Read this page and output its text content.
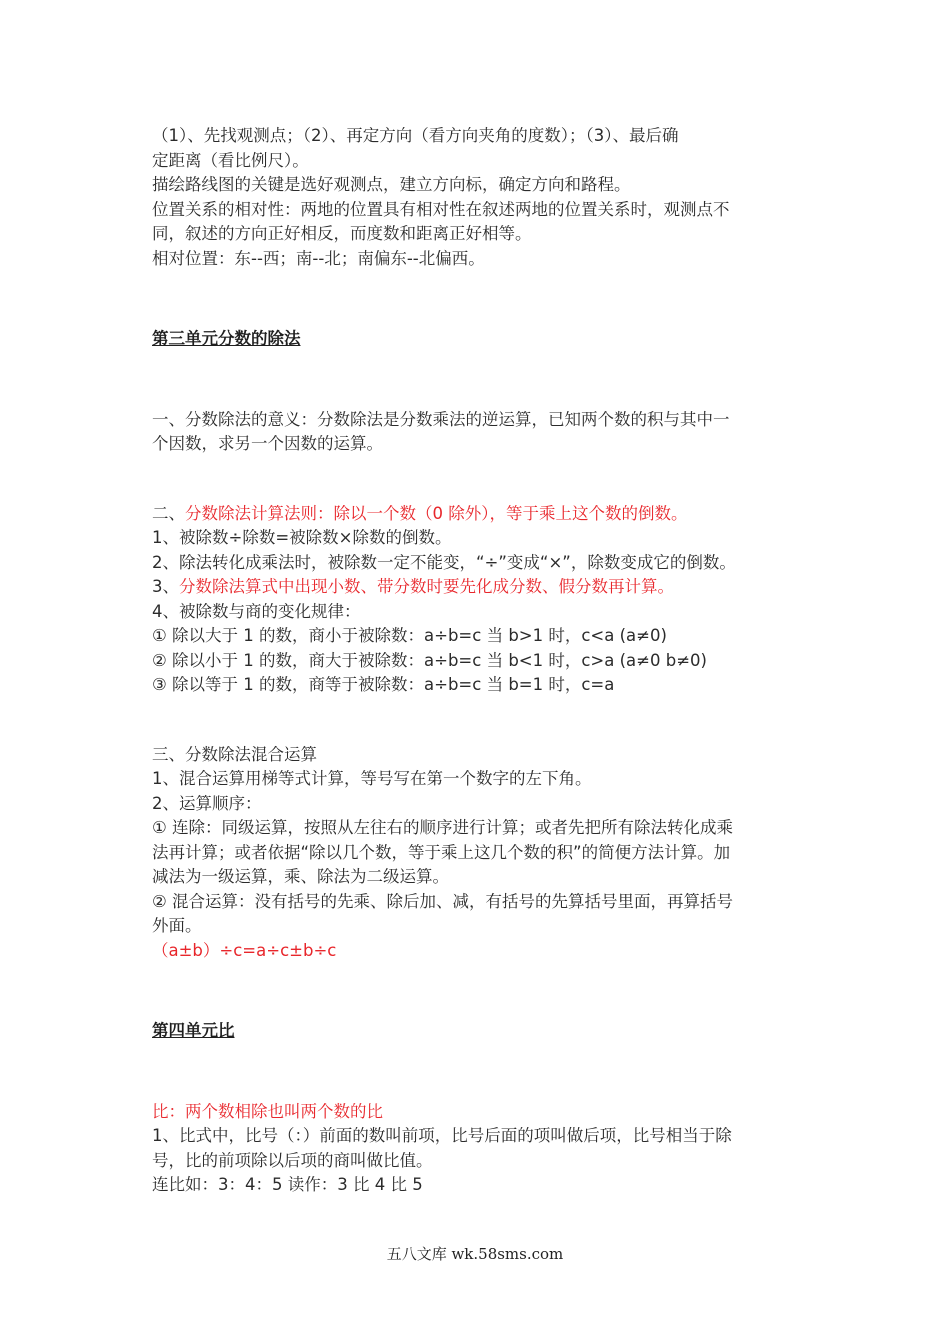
（1）、先找观测点；（2）、再定方向（看方向夹角的度数）；（3）、最后确

定距离（看比例尺）。

描绘路线图的关键是选好观测点，建立方向标，确定方向和路程。

位置关系的相对性：两地的位置具有相对性在叙述两地的位置关系时，观测点不

同，叙述的方向正好相反，而度数和距离正好相等。

相对位置：东--西；南--北；南偏东--北偏西。

第三单元分数的除法

一、分数除法的意义：分数除法是分数乘法的逆运算，已知两个数的积与其中一

个因数，求另一个因数的运算。

二、分数除法计算法则：除以一个数（0 除外），等于乘上这个数的倒数。

1、被除数÷除数=被除数×除数的倒数。

2、除法转化成乘法时，被除数一定不能变，“÷”变成“×”，除数变成它的倒数。

3、分数除法算式中出现小数、带分数时要先化成分数、假分数再计算。

4、被除数与商的变化规律：

① 除以大于 1 的数，商小于被除数：a÷b=c 当 b>1 时，c<a (a≠0)

② 除以小于 1 的数，商大于被除数：a÷b=c 当 b<1 时，c>a (a≠0 b≠0)

③ 除以等于 1 的数，商等于被除数：a÷b=c 当 b=1 时，c=a

三、分数除法混合运算

1、混合运算用梯等式计算，等号写在第一个数字的左下角。

2、运算顺序：

① 连除：同级运算，按照从左往右的顺序进行计算；或者先把所有除法转化成乘

法再计算；或者依据“除以几个数，等于乘上这几个数的积”的简便方法计算。加

减法为一级运算，乘、除法为二级运算。

② 混合运算：没有括号的先乘、除后加、减，有括号的先算括号里面，再算括号

外面。

（a±b）÷c=a÷c±b÷c

第四单元比

比：两个数相除也叫两个数的比

1、比式中，比号（：）前面的数叫前项，比号后面的项叫做后项，比号相当于除

号，比的前项除以后项的商叫做比值。

连比如：3：4：5 读作：3 比 4 比 5

五八文库 wk.58sms.com
